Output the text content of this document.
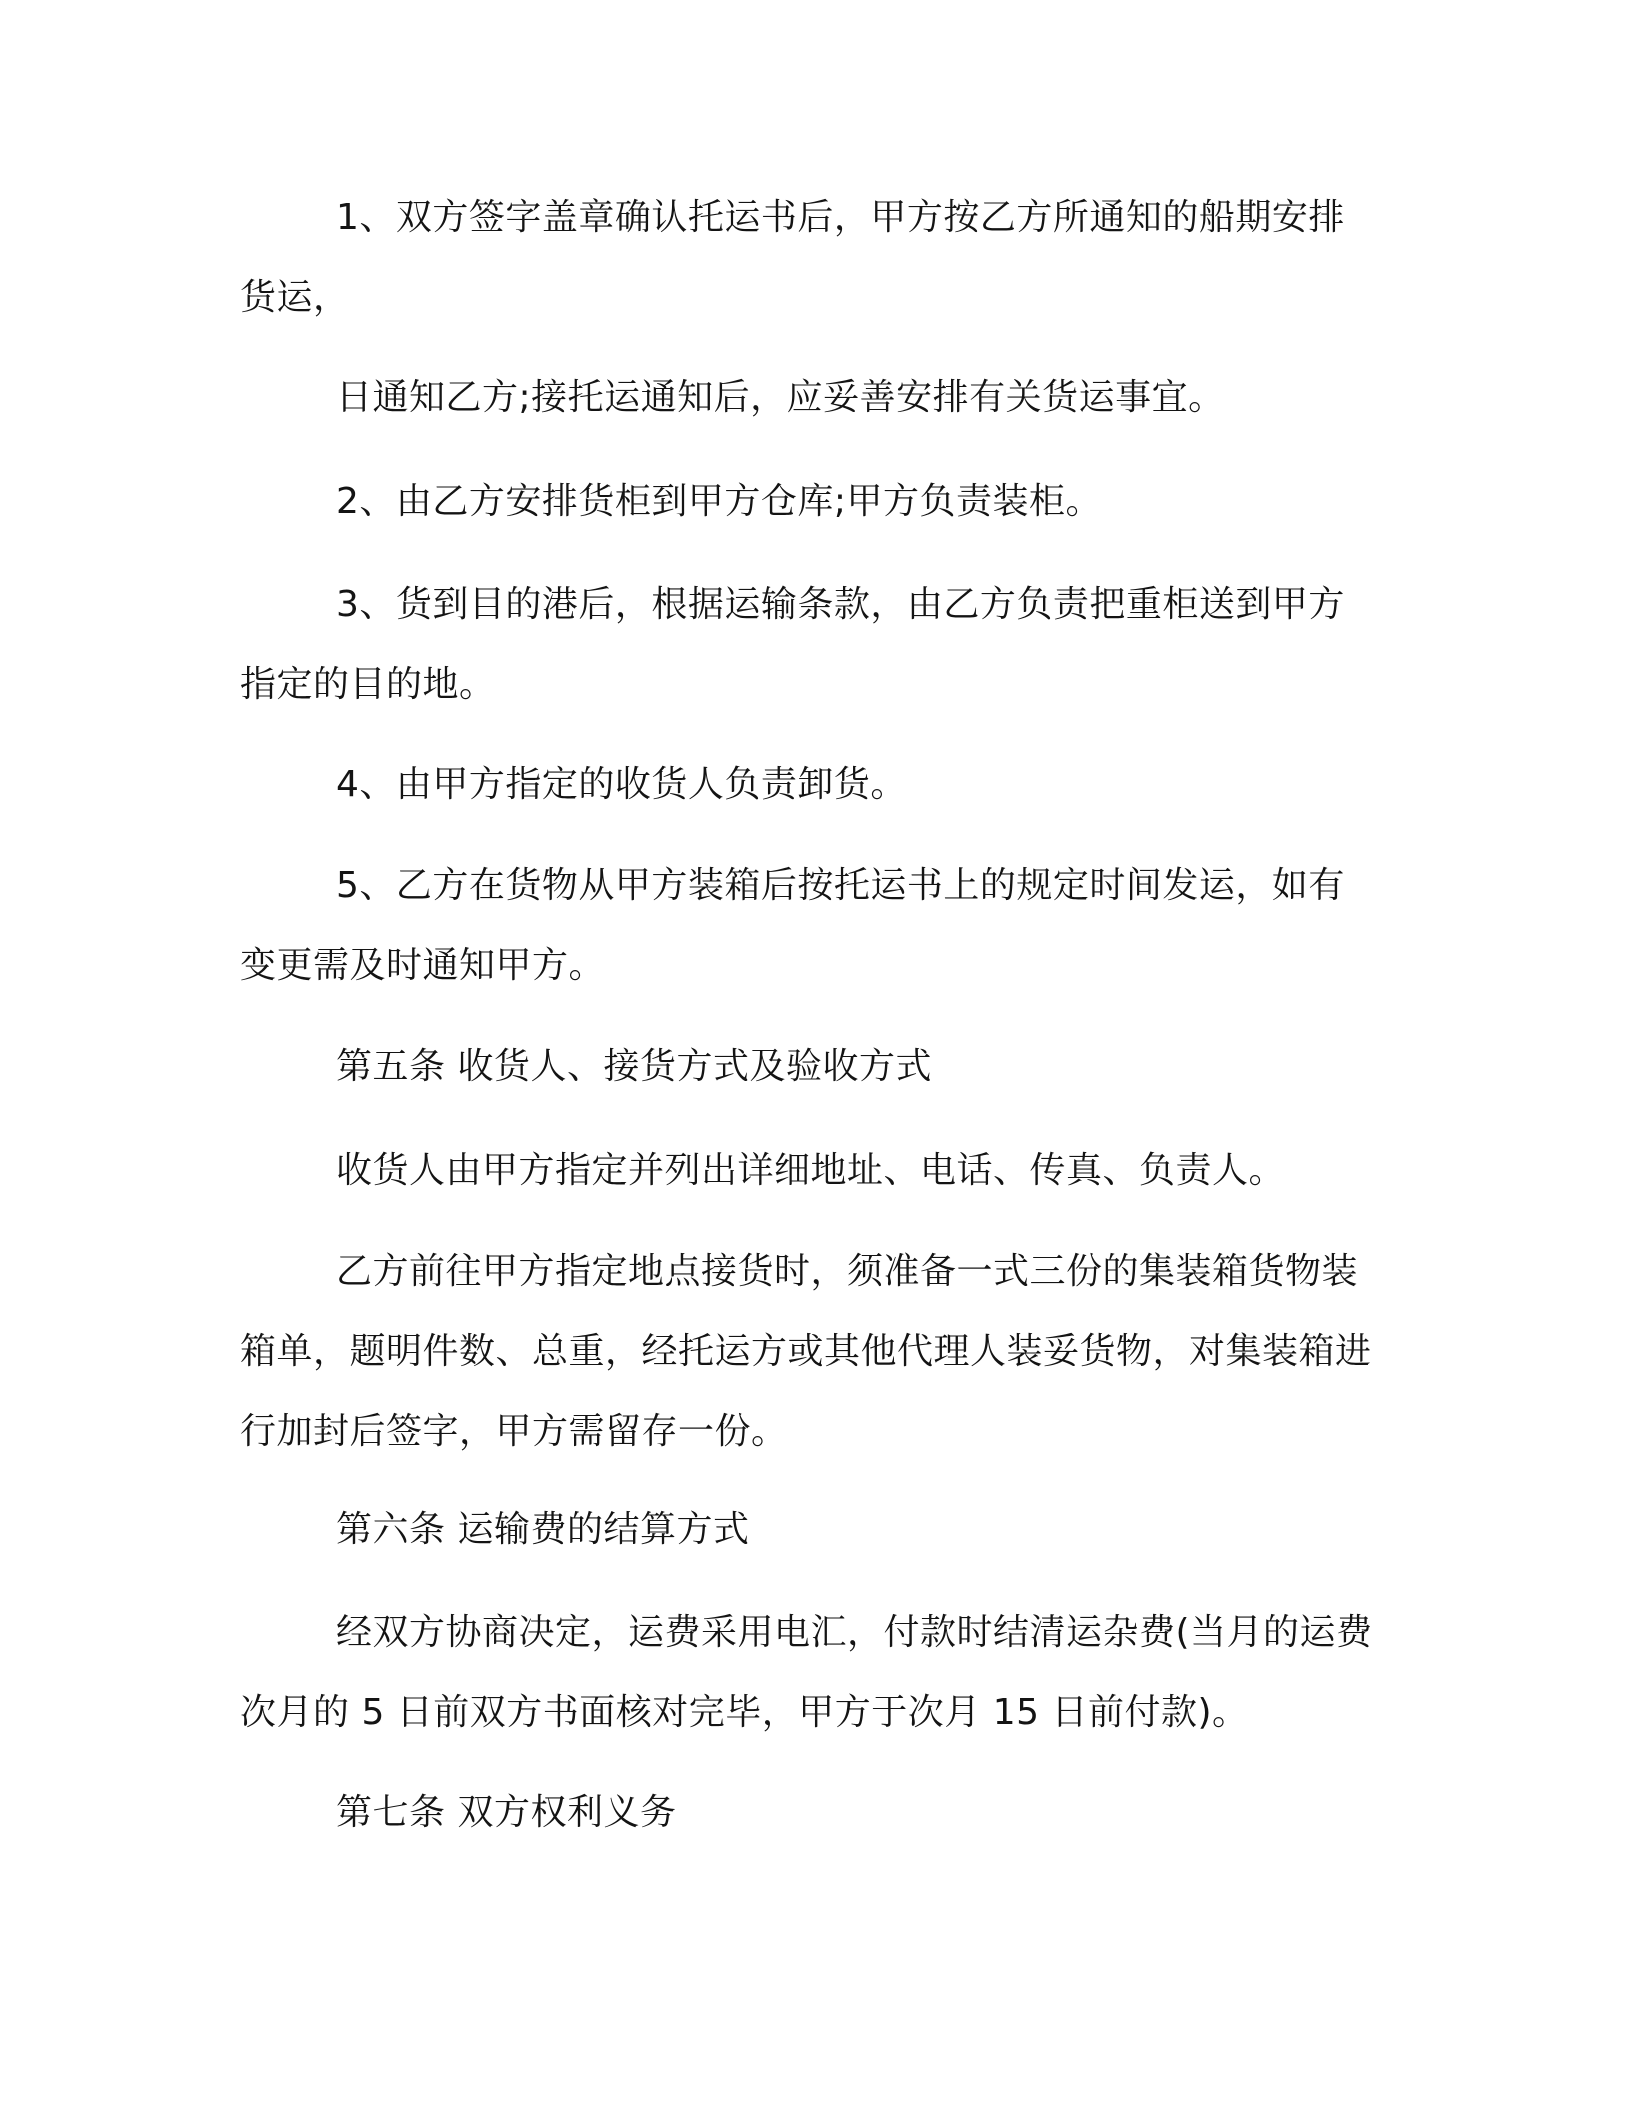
1、双方签字盖章确认托运书后，甲方按乙方所通知的船期安排货运，

日通知乙方;接托运通知后，应妥善安排有关货运事宜。

2、由乙方安排货柜到甲方仓库;甲方负责装柜。

3、货到目的港后，根据运输条款，由乙方负责把重柜送到甲方指定的目的地。

4、由甲方指定的收货人负责卸货。

5、乙方在货物从甲方装箱后按托运书上的规定时间发运，如有变更需及时通知甲方。

第五条 收货人、接货方式及验收方式

收货人由甲方指定并列出详细地址、电话、传真、负责人。

乙方前往甲方指定地点接货时，须准备一式三份的集装箱货物装箱单，题明件数、总重，经托运方或其他代理人装妥货物，对集装箱进行加封后签字，甲方需留存一份。

第六条 运输费的结算方式

经双方协商决定，运费采用电汇，付款时结清运杂费(当月的运费次月的 5 日前双方书面核对完毕，甲方于次月 15 日前付款)。

第七条 双方权利义务
